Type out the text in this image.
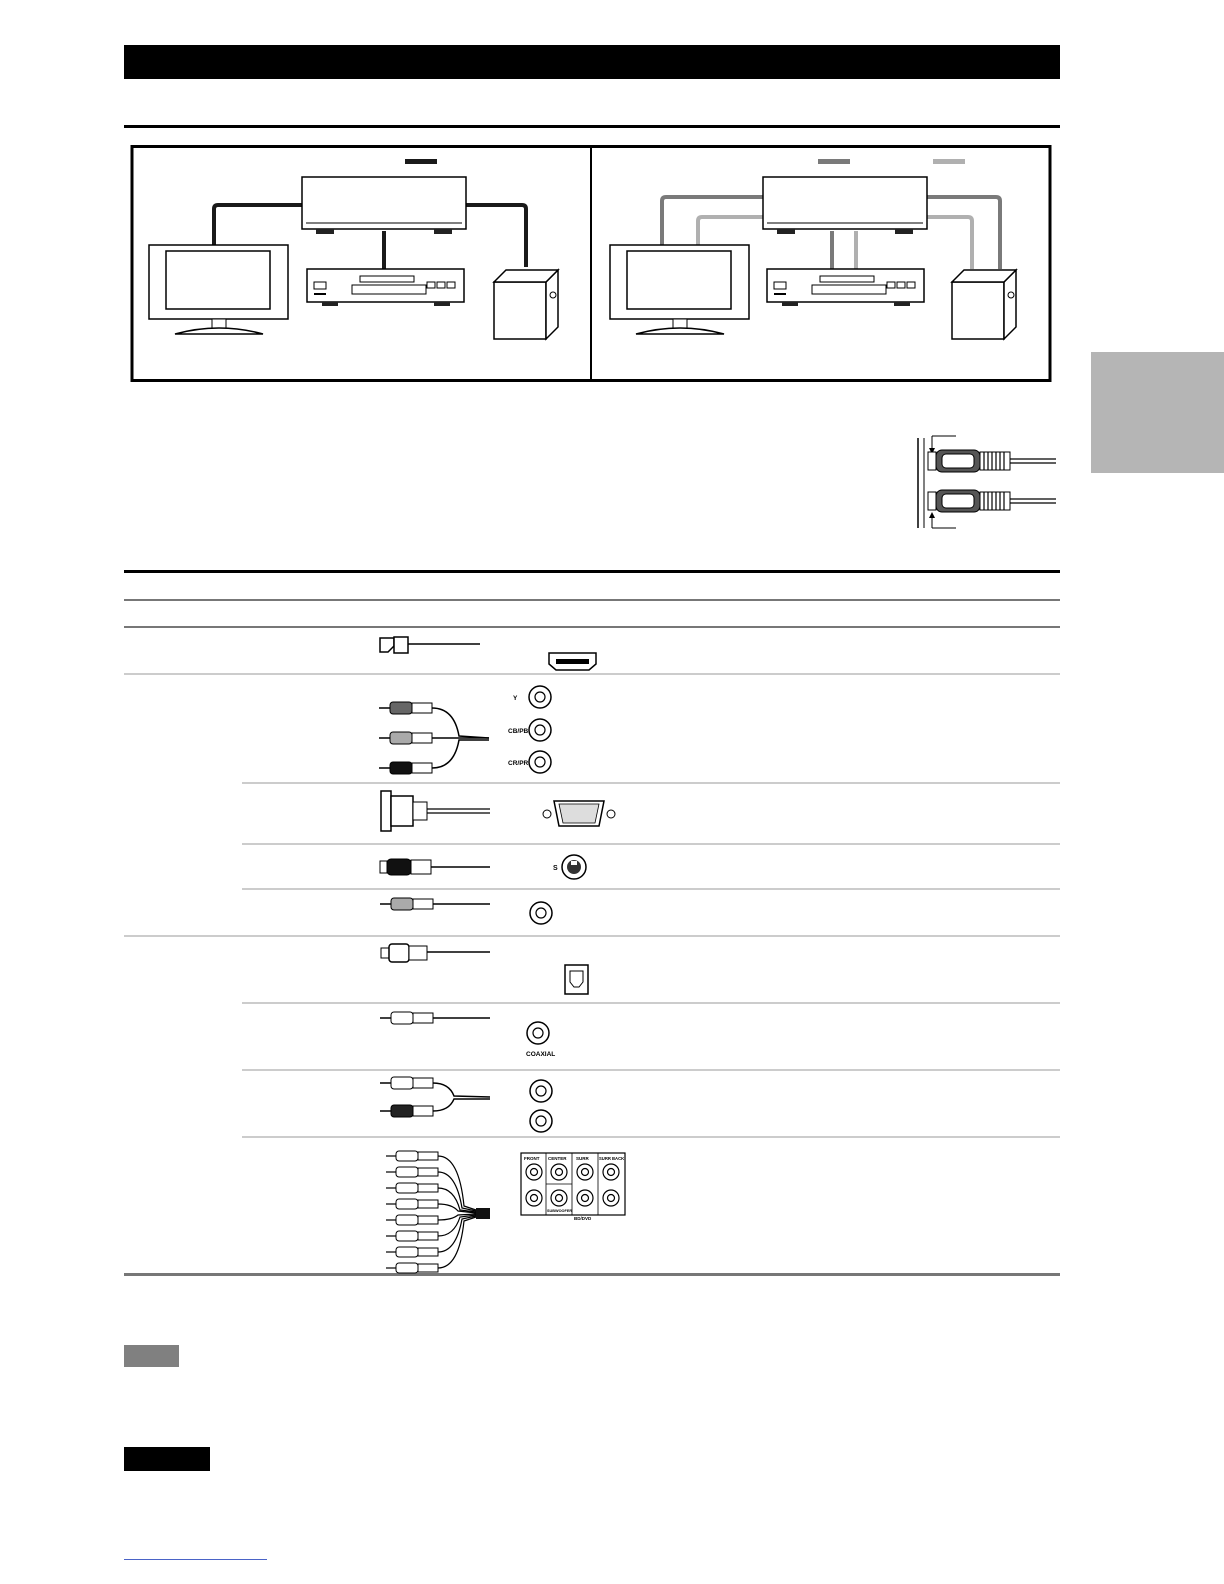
Y
CB/PB
CR/PR
S
COAXIAL
FRONT CENTER SURR SURR BACK
SUBWOOFER
BD/DVD
